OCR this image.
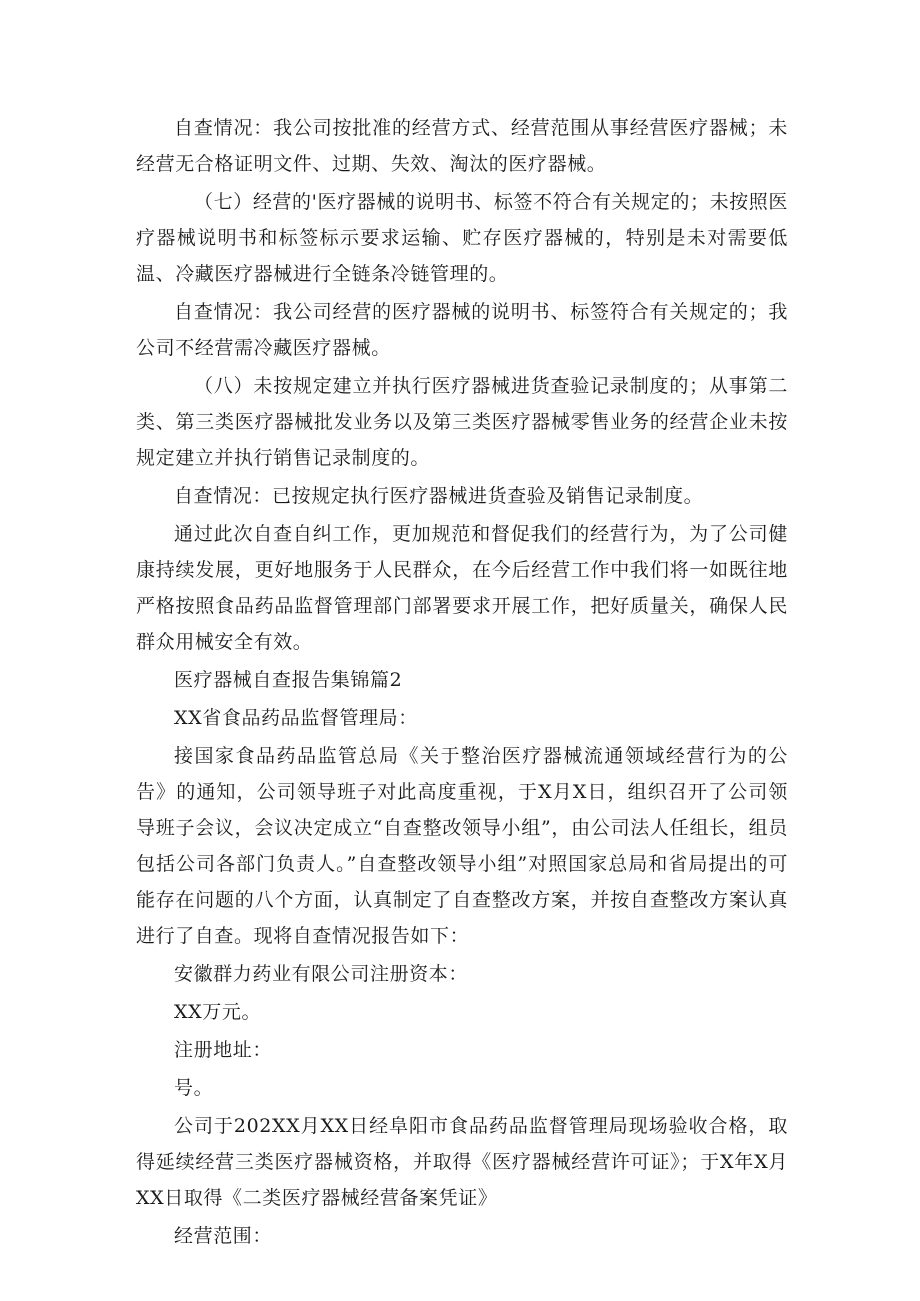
自查情况：我公司按批准的经营方式、经营范围从事经营医疗器械；未经营无合格证明文件、过期、失效、淘汰的医疗器械。

（七）经营的'医疗器械的说明书、标签不符合有关规定的；未按照医疗器械说明书和标签标示要求运输、贮存医疗器械的，特别是未对需要低温、冷藏医疗器械进行全链条冷链管理的。

自查情况：我公司经营的医疗器械的说明书、标签符合有关规定的；我公司不经营需冷藏医疗器械。

（八）未按规定建立并执行医疗器械进货查验记录制度的；从事第二类、第三类医疗器械批发业务以及第三类医疗器械零售业务的经营企业未按规定建立并执行销售记录制度的。

自查情况：已按规定执行医疗器械进货查验及销售记录制度。

通过此次自查自纠工作，更加规范和督促我们的经营行为，为了公司健康持续发展，更好地服务于人民群众，在今后经营工作中我们将一如既往地严格按照食品药品监督管理部门部署要求开展工作，把好质量关，确保人民群众用械安全有效。

医疗器械自查报告集锦篇2

XX省食品药品监督管理局：

接国家食品药品监管总局《关于整治医疗器械流通领域经营行为的公告》的通知，公司领导班子对此高度重视，于X月X日，组织召开了公司领导班子会议，会议决定成立“自查整改领导小组”，由公司法人任组长，组员包括公司各部门负责人。”自查整改领导小组”对照国家总局和省局提出的可能存在问题的八个方面，认真制定了自查整改方案，并按自查整改方案认真进行了自查。现将自查情况报告如下：

安徽群力药业有限公司注册资本：

XX万元。

注册地址：

号。

公司于202XX月XX日经阜阳市食品药品监督管理局现场验收合格，取得延续经营三类医疗器械资格，并取得《医疗器械经营许可证》；于X年X月XX日取得《二类医疗器械经营备案凭证》

经营范围：
